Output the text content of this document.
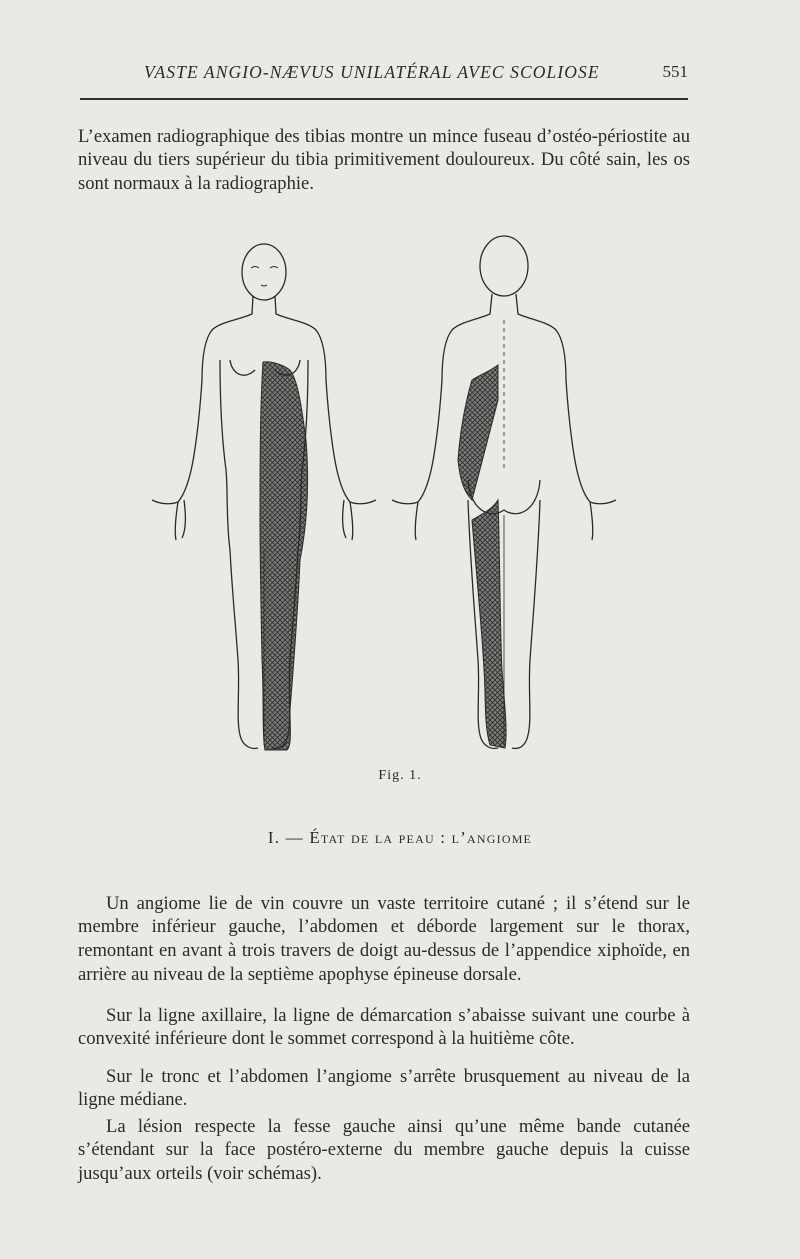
VASTE ANGIO-NÆVUS UNILATÉRAL AVEC SCOLIOSE	551

L’examen radiographique des tibias montre un mince fuseau d’ostéo-périostite au niveau du tiers supérieur du tibia primitivement douloureux. Du côté sain, les os sont normaux à la radiographie.

Fig. 1.
I. — État de la peau : l’angiome

Un angiome lie de vin couvre un vaste territoire cutané ; il s’étend sur le membre inférieur gauche, l’abdomen et déborde largement sur le thorax, remontant en avant à trois travers de doigt au-dessus de l’appendice xiphoïde, en arrière au niveau de la septième apophyse épineuse dorsale.

Sur la ligne axillaire, la ligne de démarcation s’abaisse suivant une courbe à convexité inférieure dont le sommet correspond à la huitième côte.

Sur le tronc et l’abdomen l’angiome s’arrête brusquement au niveau de la ligne médiane.

La lésion respecte la fesse gauche ainsi qu’une même bande cutanée s’étendant sur la face postéro-externe du membre gauche depuis la cuisse jusqu’aux orteils (voir schémas).
